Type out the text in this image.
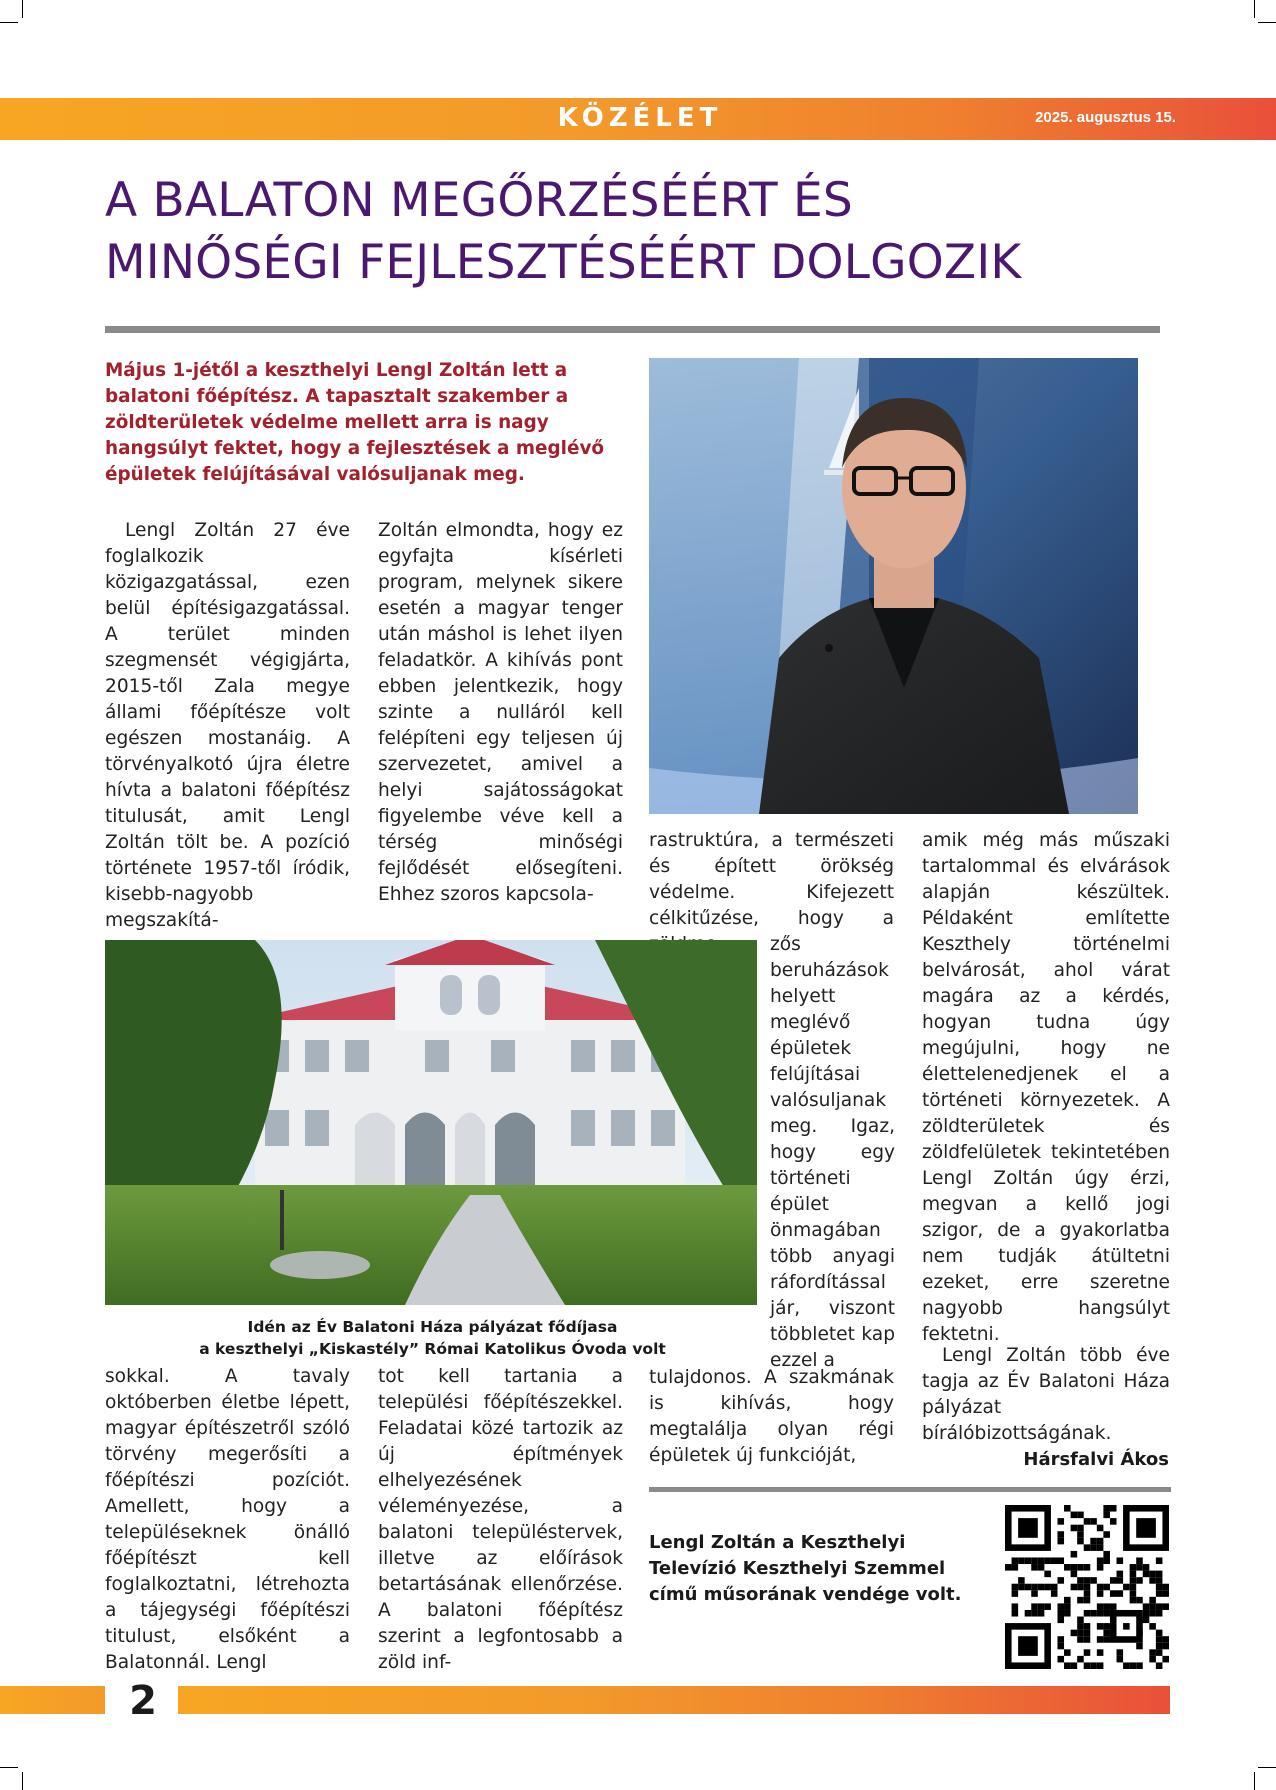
KÖZÉLET	2025. augusztus 15.
A BALATON MEGŐRZÉSÉÉRT ÉS
MINŐSÉGI FEJLESZTÉSÉÉRT DOLGOZIK

Május 1-jétől a keszthelyi Lengl Zoltán lett a balatoni főépítész. A tapasztalt szakember a zöldterületek védelme mellett arra is nagy hangsúlyt fektet, hogy a fejlesztések a meglévő épületek felújításával valósuljanak meg.

Lengl Zoltán 27 éve foglalkozik közigazgatással, ezen belül építésigazgatással. A terület minden szegmensét végigjárta, 2015-től Zala megye állami főépítésze volt egészen mostanáig. A törvényalkotó újra életre hívta a balatoni főépítész titulusát, amit Lengl Zoltán tölt be. A pozíció története 1957-től íródik, kisebb-nagyobb megszakítá-

Zoltán elmondta, hogy ez egyfajta kísérleti program, melynek sikere esetén a magyar tenger után máshol is lehet ilyen feladatkör. A kihívás pont ebben jelentkezik, hogy szinte a nulláról kell felépíteni egy teljesen új szervezetet, amivel a helyi sajátosságokat figyelembe véve kell a térség minőségi fejlődését elősegíteni. Ehhez szoros kapcsola-

rastruktúra, a természeti és épített örökség védelme. Kifejezett célkitűzése, hogy a

zős beruházások helyett meglévő épületek felújításai valósuljanak meg. Igaz, hogy egy történeti épület önmagában több anyagi ráfordítással jár, viszont többletet kap ezzel a

tulajdonos. A szakmának is kihívás, hogy megtalálja olyan régi épületek új funkcióját,

amik még más műszaki tartalommal és elvárások alapján készültek. Példaként említette Keszthely történelmi belvárosát, ahol várat magára az a kérdés, hogyan tudna úgy megújulni, hogy ne élettelenedjenek el a történeti környezetek. A zöldterületek és zöldfelületek tekintetében Lengl Zoltán úgy érzi, megvan a kellő jogi szigor, de a gyakorlatba nem tudják átültetni ezeket, erre szeretne nagyobb hangsúlyt fektetni.

Lengl Zoltán több éve tagja az Év Balatoni Háza pályázat bírálóbizottságának.

Idén az Év Balatoni Háza pályázat fődíjasa
a keszthelyi „Kiskastély” Római Katolikus Óvoda volt

sokkal. A tavaly októberben életbe lépett, magyar építészetről szóló törvény megerősíti a főépítészi pozíciót. Amellett, hogy a településeknek önálló főépítészt kell foglalkoztatni, létrehozta a tájegységi főépítészi titulust, elsőként a Balatonnál. Lengl

tot kell tartania a települési főépítészekkel. Feladatai közé tartozik az új építmények elhelyezésének véleményezése, a balatoni településtervek, illetve az előírások betartásának ellenőrzése. A balatoni főépítész szerint a legfontosabb a zöld inf-

Hársfalvi Ákos

Lengl Zoltán a Keszthelyi Televízió Keszthelyi Szemmel című műsorának vendége volt.

2
